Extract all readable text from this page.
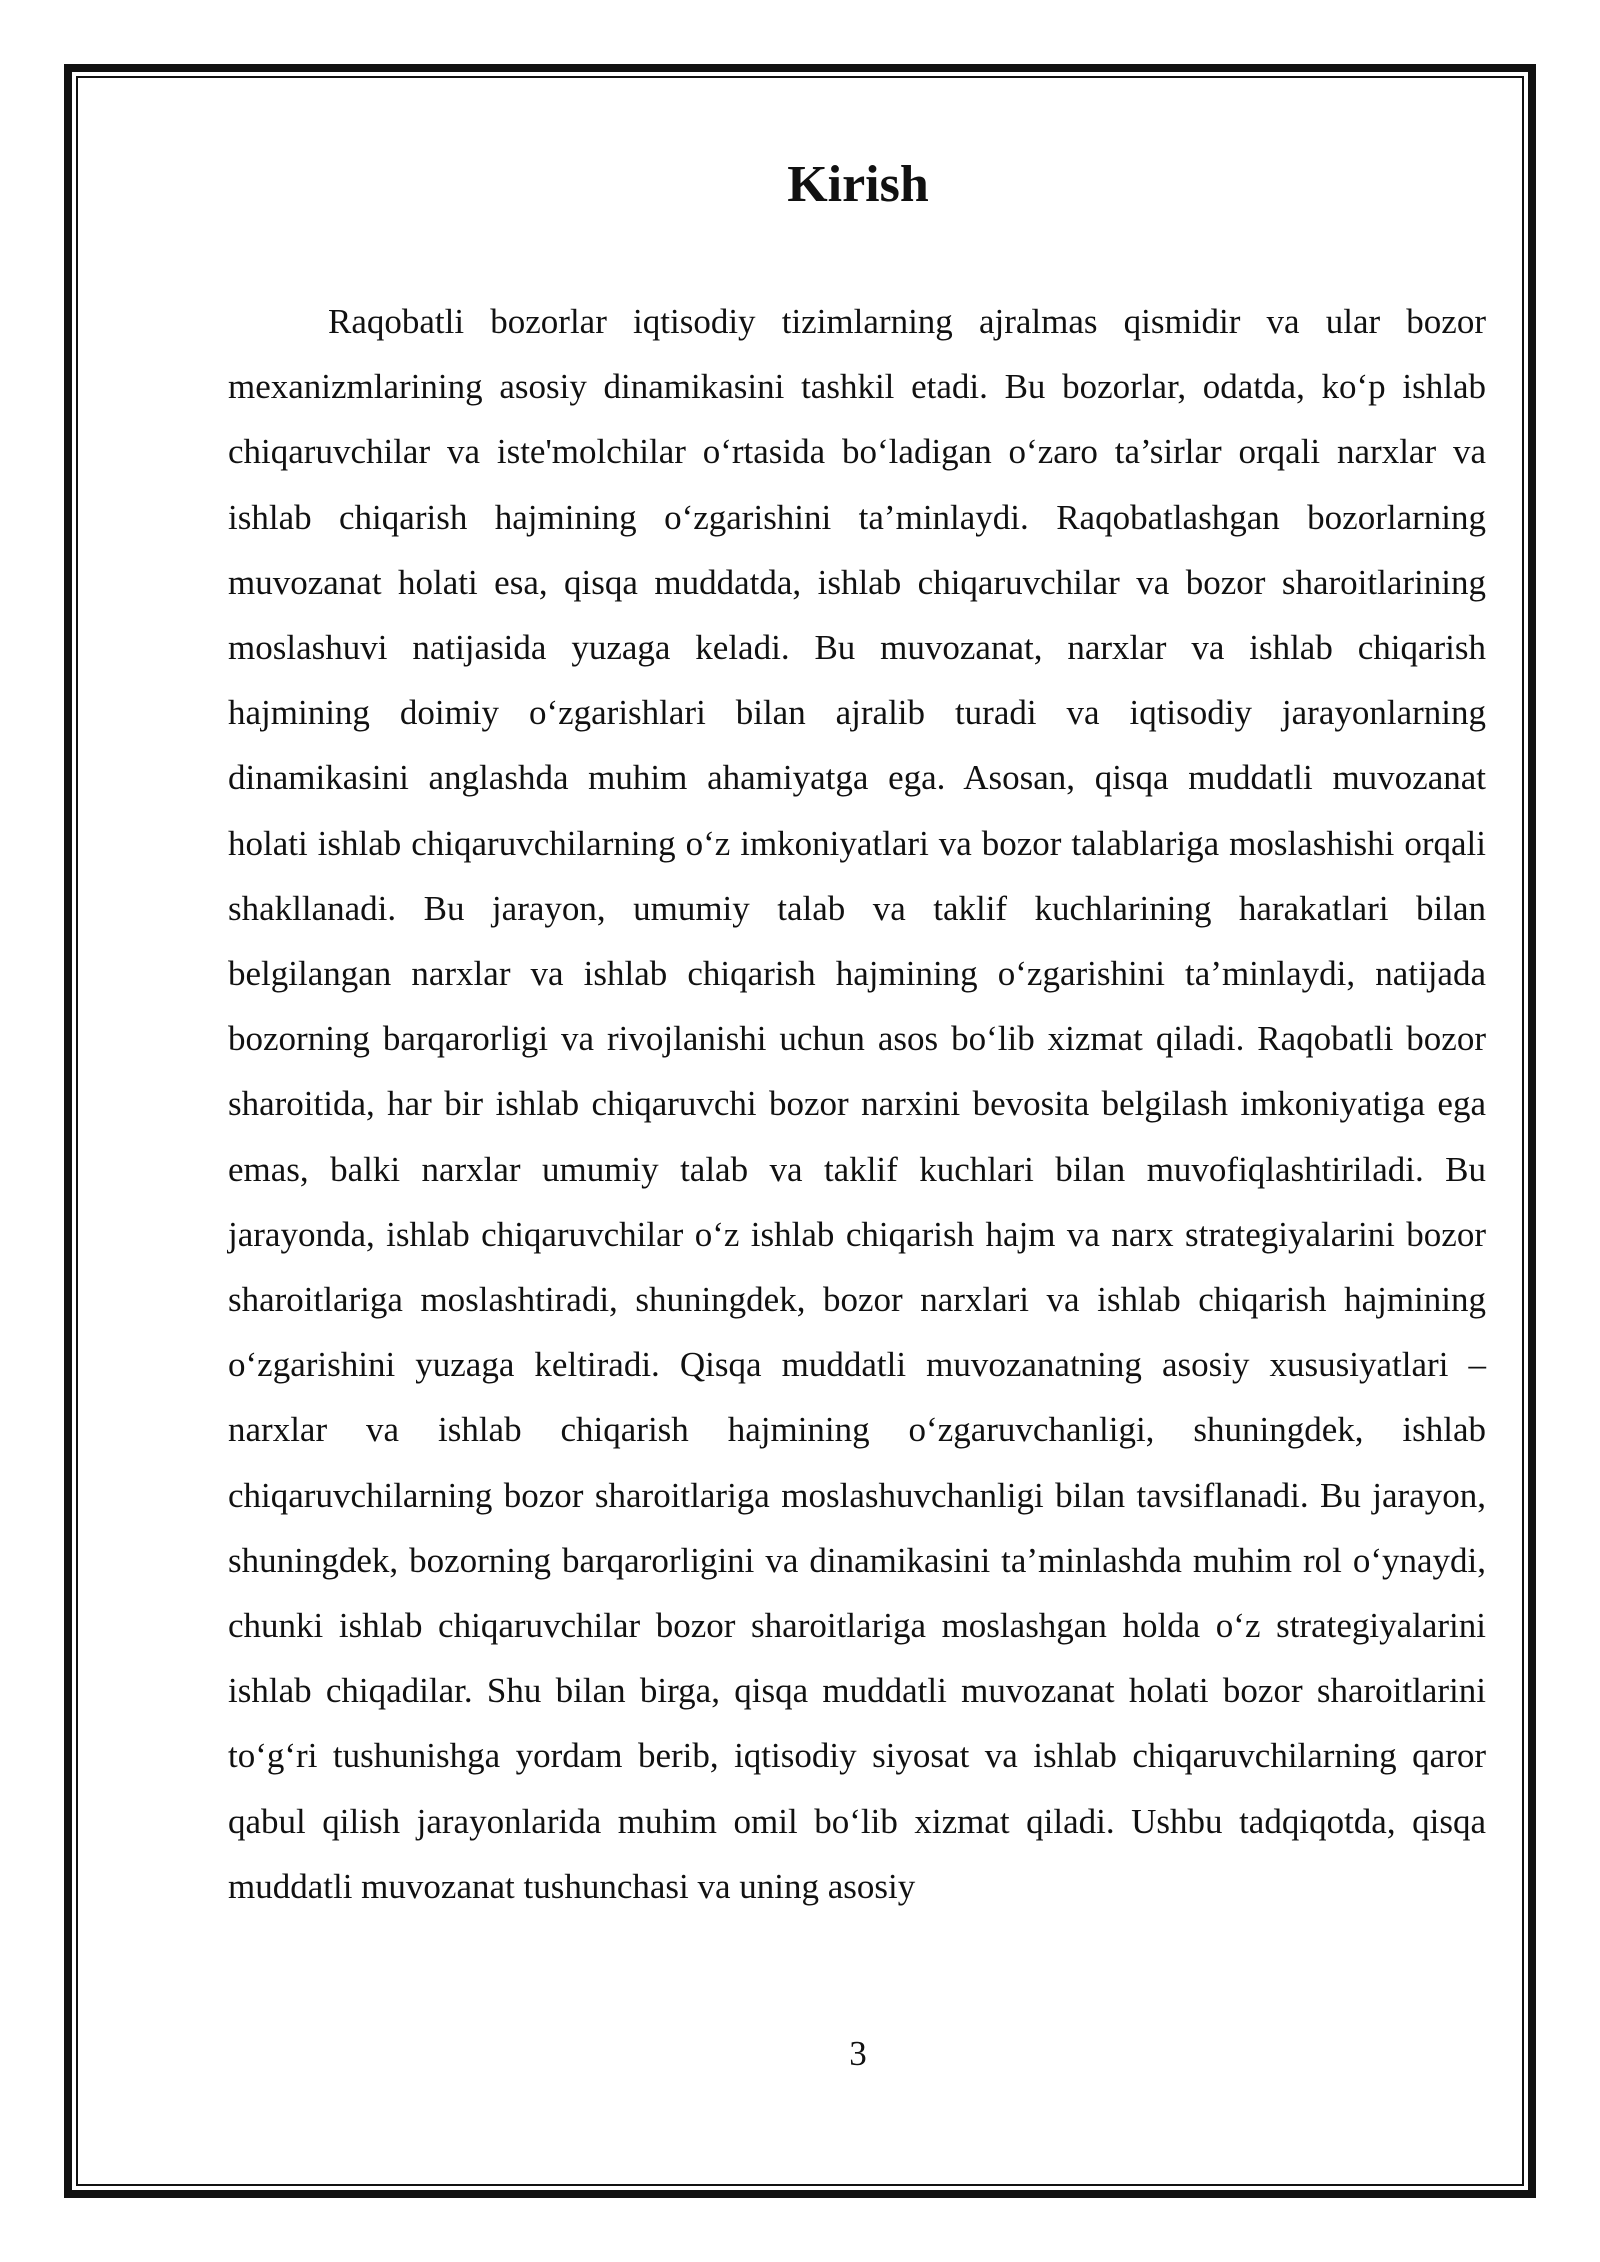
Kirish

Raqobatli bozorlar iqtisodiy tizimlarning ajralmas qismidir va ular bozor mexanizmlarining asosiy dinamikasini tashkil etadi. Bu bozorlar, odatda, ko‘p ishlab chiqaruvchilar va iste'molchilar o‘rtasida bo‘ladigan o‘zaro ta’sirlar orqali narxlar va ishlab chiqarish hajmining o‘zgarishini ta’minlaydi. Raqobatlashgan bozorlarning muvozanat holati esa, qisqa muddatda, ishlab chiqaruvchilar va bozor sharoitlarining moslashuvi natijasida yuzaga keladi. Bu muvozanat, narxlar va ishlab chiqarish hajmining doimiy o‘zgarishlari bilan ajralib turadi va iqtisodiy jarayonlarning dinamikasini anglashda muhim ahamiyatga ega. Asosan, qisqa muddatli muvozanat holati ishlab chiqaruvchilarning o‘z imkoniyatlari va bozor talablariga moslashishi orqali shakllanadi. Bu jarayon, umumiy talab va taklif kuchlarining harakatlari bilan belgilangan narxlar va ishlab chiqarish hajmining o‘zgarishini ta’minlaydi, natijada bozorning barqarorligi va rivojlanishi uchun asos bo‘lib xizmat qiladi. Raqobatli bozor sharoitida, har bir ishlab chiqaruvchi bozor narxini bevosita belgilash imkoniyatiga ega emas, balki narxlar umumiy talab va taklif kuchlari bilan muvofiqlashtiriladi. Bu jarayonda, ishlab chiqaruvchilar o‘z ishlab chiqarish hajm va narx strategiyalarini bozor sharoitlariga moslashtiradi, shuningdek, bozor narxlari va ishlab chiqarish hajmining o‘zgarishini yuzaga keltiradi. Qisqa muddatli muvozanatning asosiy xususiyatlari – narxlar va ishlab chiqarish hajmining o‘zgaruvchanligi, shuningdek, ishlab chiqaruvchilarning bozor sharoitlariga moslashuvchanligi bilan tavsiflanadi. Bu jarayon, shuningdek, bozorning barqarorligini va dinamikasini ta’minlashda muhim rol o‘ynaydi, chunki ishlab chiqaruvchilar bozor sharoitlariga moslashgan holda o‘z strategiyalarini ishlab chiqadilar. Shu bilan birga, qisqa muddatli muvozanat holati bozor sharoitlarini to‘g‘ri tushunishga yordam berib, iqtisodiy siyosat va ishlab chiqaruvchilarning qaror qabul qilish jarayonlarida muhim omil bo‘lib xizmat qiladi. Ushbu tadqiqotda, qisqa muddatli muvozanat tushunchasi va uning asosiy

3
